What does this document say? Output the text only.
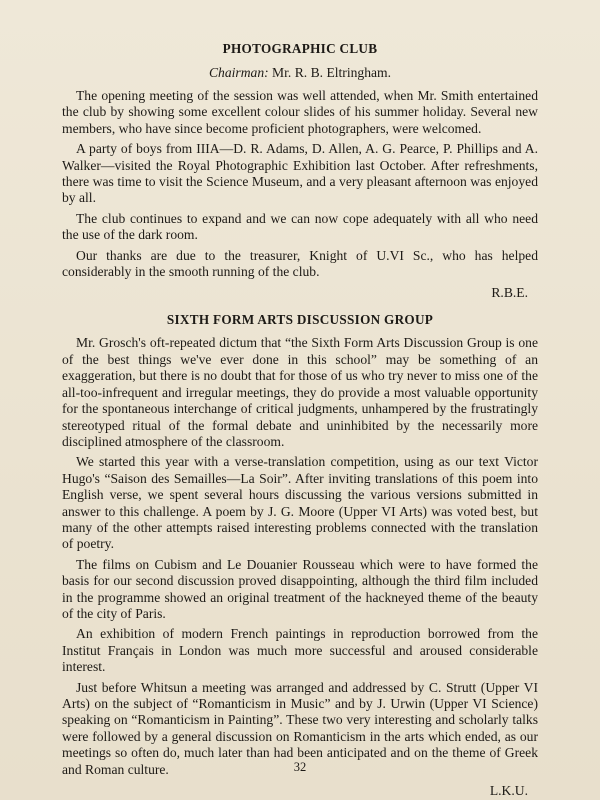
PHOTOGRAPHIC CLUB
Chairman: Mr. R. B. Eltringham.

The opening meeting of the session was well attended, when Mr. Smith entertained the club by showing some excellent colour slides of his summer holiday. Several new members, who have since become proficient photographers, were welcomed.

A party of boys from IIIA—D. R. Adams, D. Allen, A. G. Pearce, P. Phillips and A. Walker—visited the Royal Photographic Exhibition last October. After refreshments, there was time to visit the Science Museum, and a very pleasant afternoon was enjoyed by all.

The club continues to expand and we can now cope adequately with all who need the use of the dark room.

Our thanks are due to the treasurer, Knight of U.VI Sc., who has helped considerably in the smooth running of the club.

R.B.E.
SIXTH FORM ARTS DISCUSSION GROUP

Mr. Grosch's oft-repeated dictum that “the Sixth Form Arts Discussion Group is one of the best things we've ever done in this school” may be something of an exaggeration, but there is no doubt that for those of us who try never to miss one of the all-too-infrequent and irregular meetings, they do provide a most valuable opportunity for the spontaneous interchange of critical judgments, unhampered by the frustratingly stereotyped ritual of the formal debate and uninhibited by the necessarily more disciplined atmosphere of the classroom.

We started this year with a verse-translation competition, using as our text Victor Hugo's “Saison des Semailles—La Soir”. After inviting translations of this poem into English verse, we spent several hours discussing the various versions submitted in answer to this challenge. A poem by J. G. Moore (Upper VI Arts) was voted best, but many of the other attempts raised interesting problems connected with the translation of poetry.

The films on Cubism and Le Douanier Rousseau which were to have formed the basis for our second discussion proved disappointing, although the third film included in the programme showed an original treatment of the hackneyed theme of the beauty of the city of Paris.

An exhibition of modern French paintings in reproduction borrowed from the Institut Français in London was much more successful and aroused considerable interest.

Just before Whitsun a meeting was arranged and addressed by C. Strutt (Upper VI Arts) on the subject of “Romanticism in Music” and by J. Urwin (Upper VI Science) speaking on “Romanticism in Painting”. These two very interesting and scholarly talks were followed by a general discussion on Romanticism in the arts which ended, as our meetings so often do, much later than had been anticipated and on the theme of Greek and Roman culture.

L.K.U.
32
